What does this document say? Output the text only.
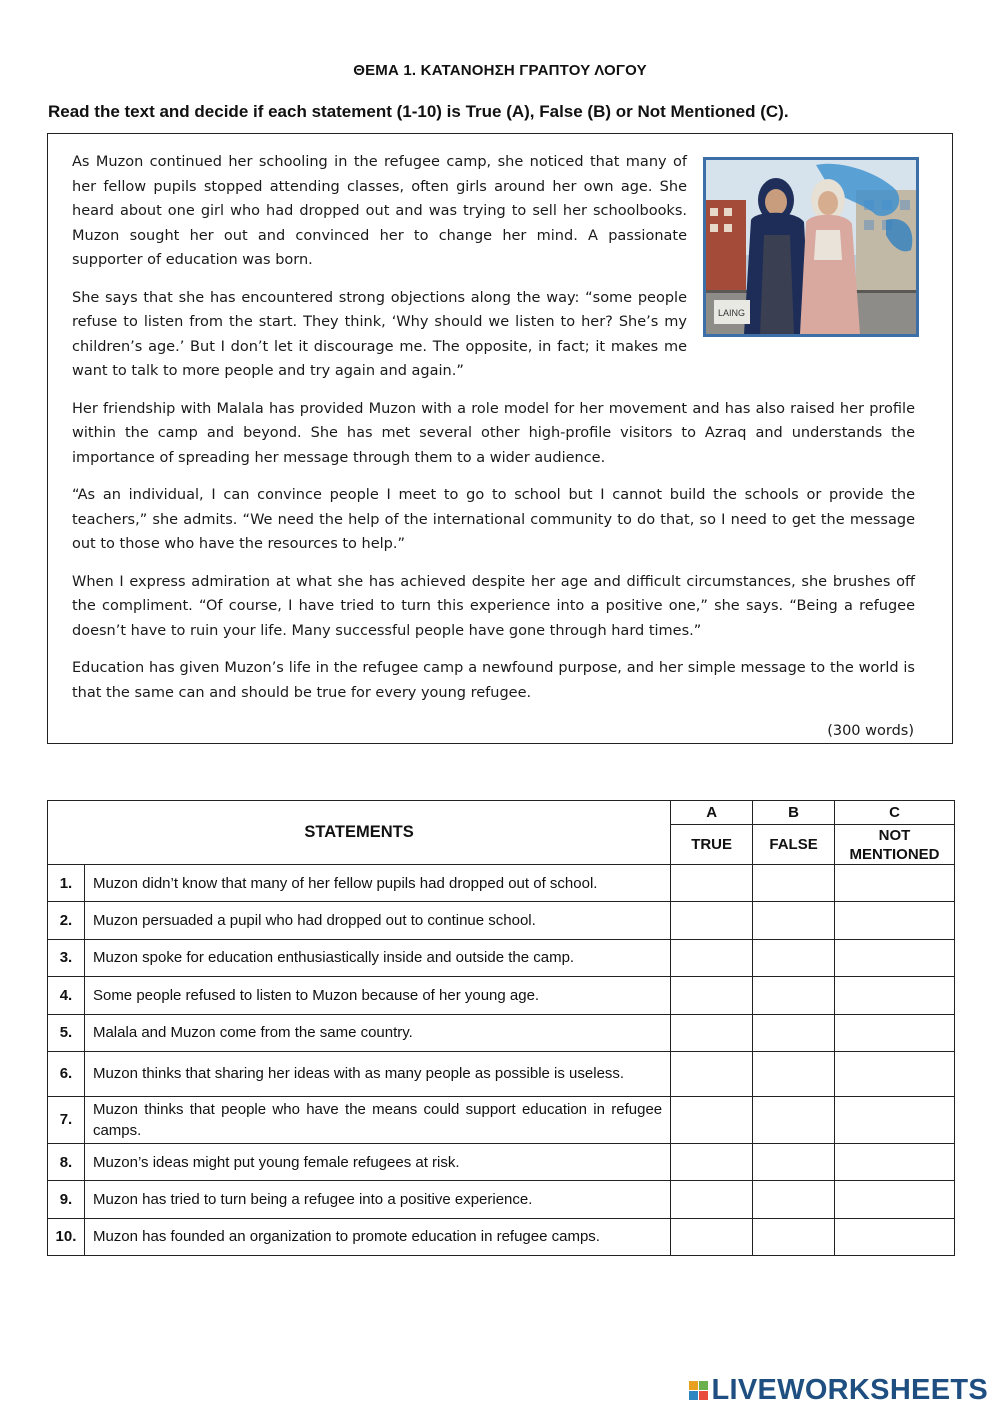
ΘΕΜΑ 1. ΚΑΤΑΝΟΗΣΗ ΓΡΑΠΤΟΥ ΛΟΓΟΥ
Read the text and decide if each statement (1-10) is True (A), False (B) or Not Mentioned (C).

As Muzon continued her schooling in the refugee camp, she noticed that many of her fellow pupils stopped attending classes, often girls around her own age. She heard about one girl who had dropped out and was trying to sell her schoolbooks. Muzon sought her out and convinced her to change her mind. A passionate supporter of education was born.

She says that she has encountered strong objections along the way: “some people refuse to listen from the start. They think, ‘Why should we listen to her? She’s my children’s age.’ But I don’t let it discourage me. The opposite, in fact; it makes me want to talk to more people and try again and again.”

Her friendship with Malala has provided Muzon with a role model for her movement and has also raised her profile within the camp and beyond. She has met several other high-profile visitors to Azraq and understands the importance of spreading her message through them to a wider audience.

“As an individual, I can convince people I meet to go to school but I cannot build the schools or provide the teachers,” she admits. “We need the help of the international community to do that, so I need to get the message out to those who have the resources to help.”

When I express admiration at what she has achieved despite her age and difficult circumstances, she brushes off the compliment. “Of course, I have tried to turn this experience into a positive one,” she says. “Being a refugee doesn’t have to ruin your life. Many successful people have gone through hard times.”

Education has given Muzon’s life in the refugee camp a newfound purpose, and her simple message to the world is that the same can and should be true for every young refugee.

LAING
(300 words)
STATEMENTS		A	B	C
		TRUE	FALSE	NOT MENTIONED
1.	Muzon didn’t know that many of her fellow pupils had dropped out of school.			
2.	Muzon persuaded a pupil who had dropped out to continue school.			
3.	Muzon spoke for education enthusiastically inside and outside the camp.			
4.	Some people refused to listen to Muzon because of her young age.			
5.	Malala and Muzon come from the same country.			
6.	Muzon thinks that sharing her ideas with as many people as possible is useless.			
7.	Muzon thinks that people who have the means could support education in refugee camps.			
8.	Muzon’s ideas might put young female refugees at risk.			
9.	Muzon has tried to turn being a refugee into a positive experience.			
10.	Muzon has founded an organization to promote education in refugee camps.			
LIVEWORKSHEETS
